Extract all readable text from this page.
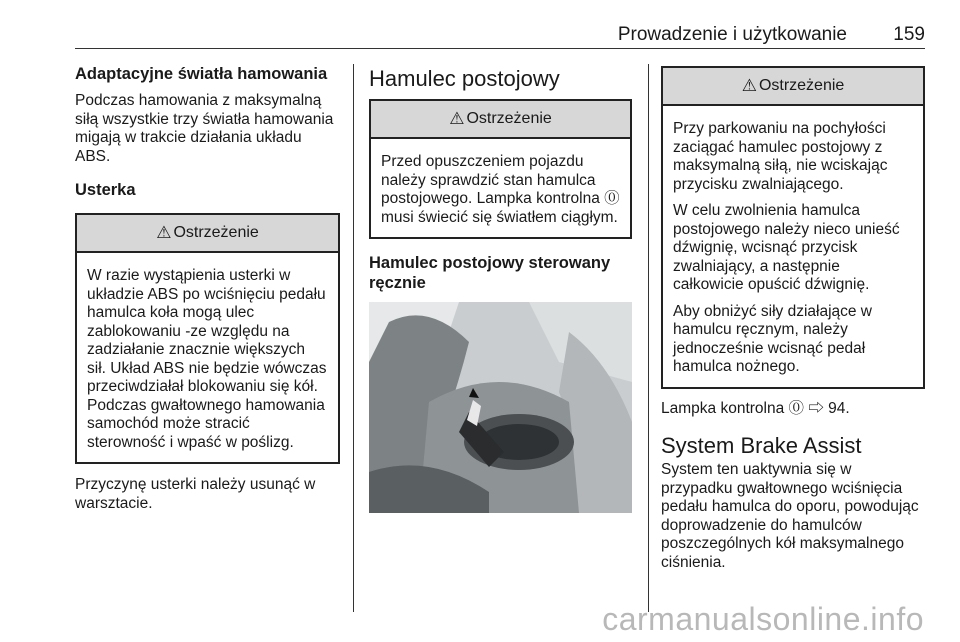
Prowadzenie i użytkowanie 159
Adaptacyjne światła hamowania

Podczas hamowania z maksymalną siłą wszystkie trzy światła hamowania migają w trakcie działania układu ABS.

Usterka
⚠ Ostrzeżenie

W razie wystąpienia usterki w układzie ABS po wciśnięciu pedału hamulca koła mogą ulec zablokowaniu -ze względu na zadziałanie znacznie większych sił. Układ ABS nie będzie wówczas przeciwdziałał blokowaniu się kół. Podczas gwałtownego hamowania samochód może stracić sterowność i wpaść w poślizg.

Przyczynę usterki należy usunąć w warsztacie.

Hamulec postojowy
⚠ Ostrzeżenie

Przed opuszczeniem pojazdu należy sprawdzić stan hamulca postojowego. Lampka kontrolna ⓪ musi świecić się światłem ciągłym.

Hamulec postojowy sterowany ręcznie
⚠ Ostrzeżenie

Przy parkowaniu na pochyłości zaciągać hamulec postojowy z maksymalną siłą, nie wciskając przycisku zwalniającego.

W celu zwolnienia hamulca postojowego należy nieco unieść dźwignię, wcisnąć przycisk zwalniający, a następnie całkowicie opuścić dźwignię.

Aby obniżyć siły działające w hamulcu ręcznym, należy jednocześnie wcisnąć pedał hamulca nożnego.

Lampka kontrolna ⓪ ⇨ 94.

System Brake Assist

System ten uaktywnia się w przypadku gwałtownego wciśnięcia pedału hamulca do oporu, powodując doprowadzenie do hamulców poszczególnych kół maksymalnego ciśnienia.

carmanualsonline.info
